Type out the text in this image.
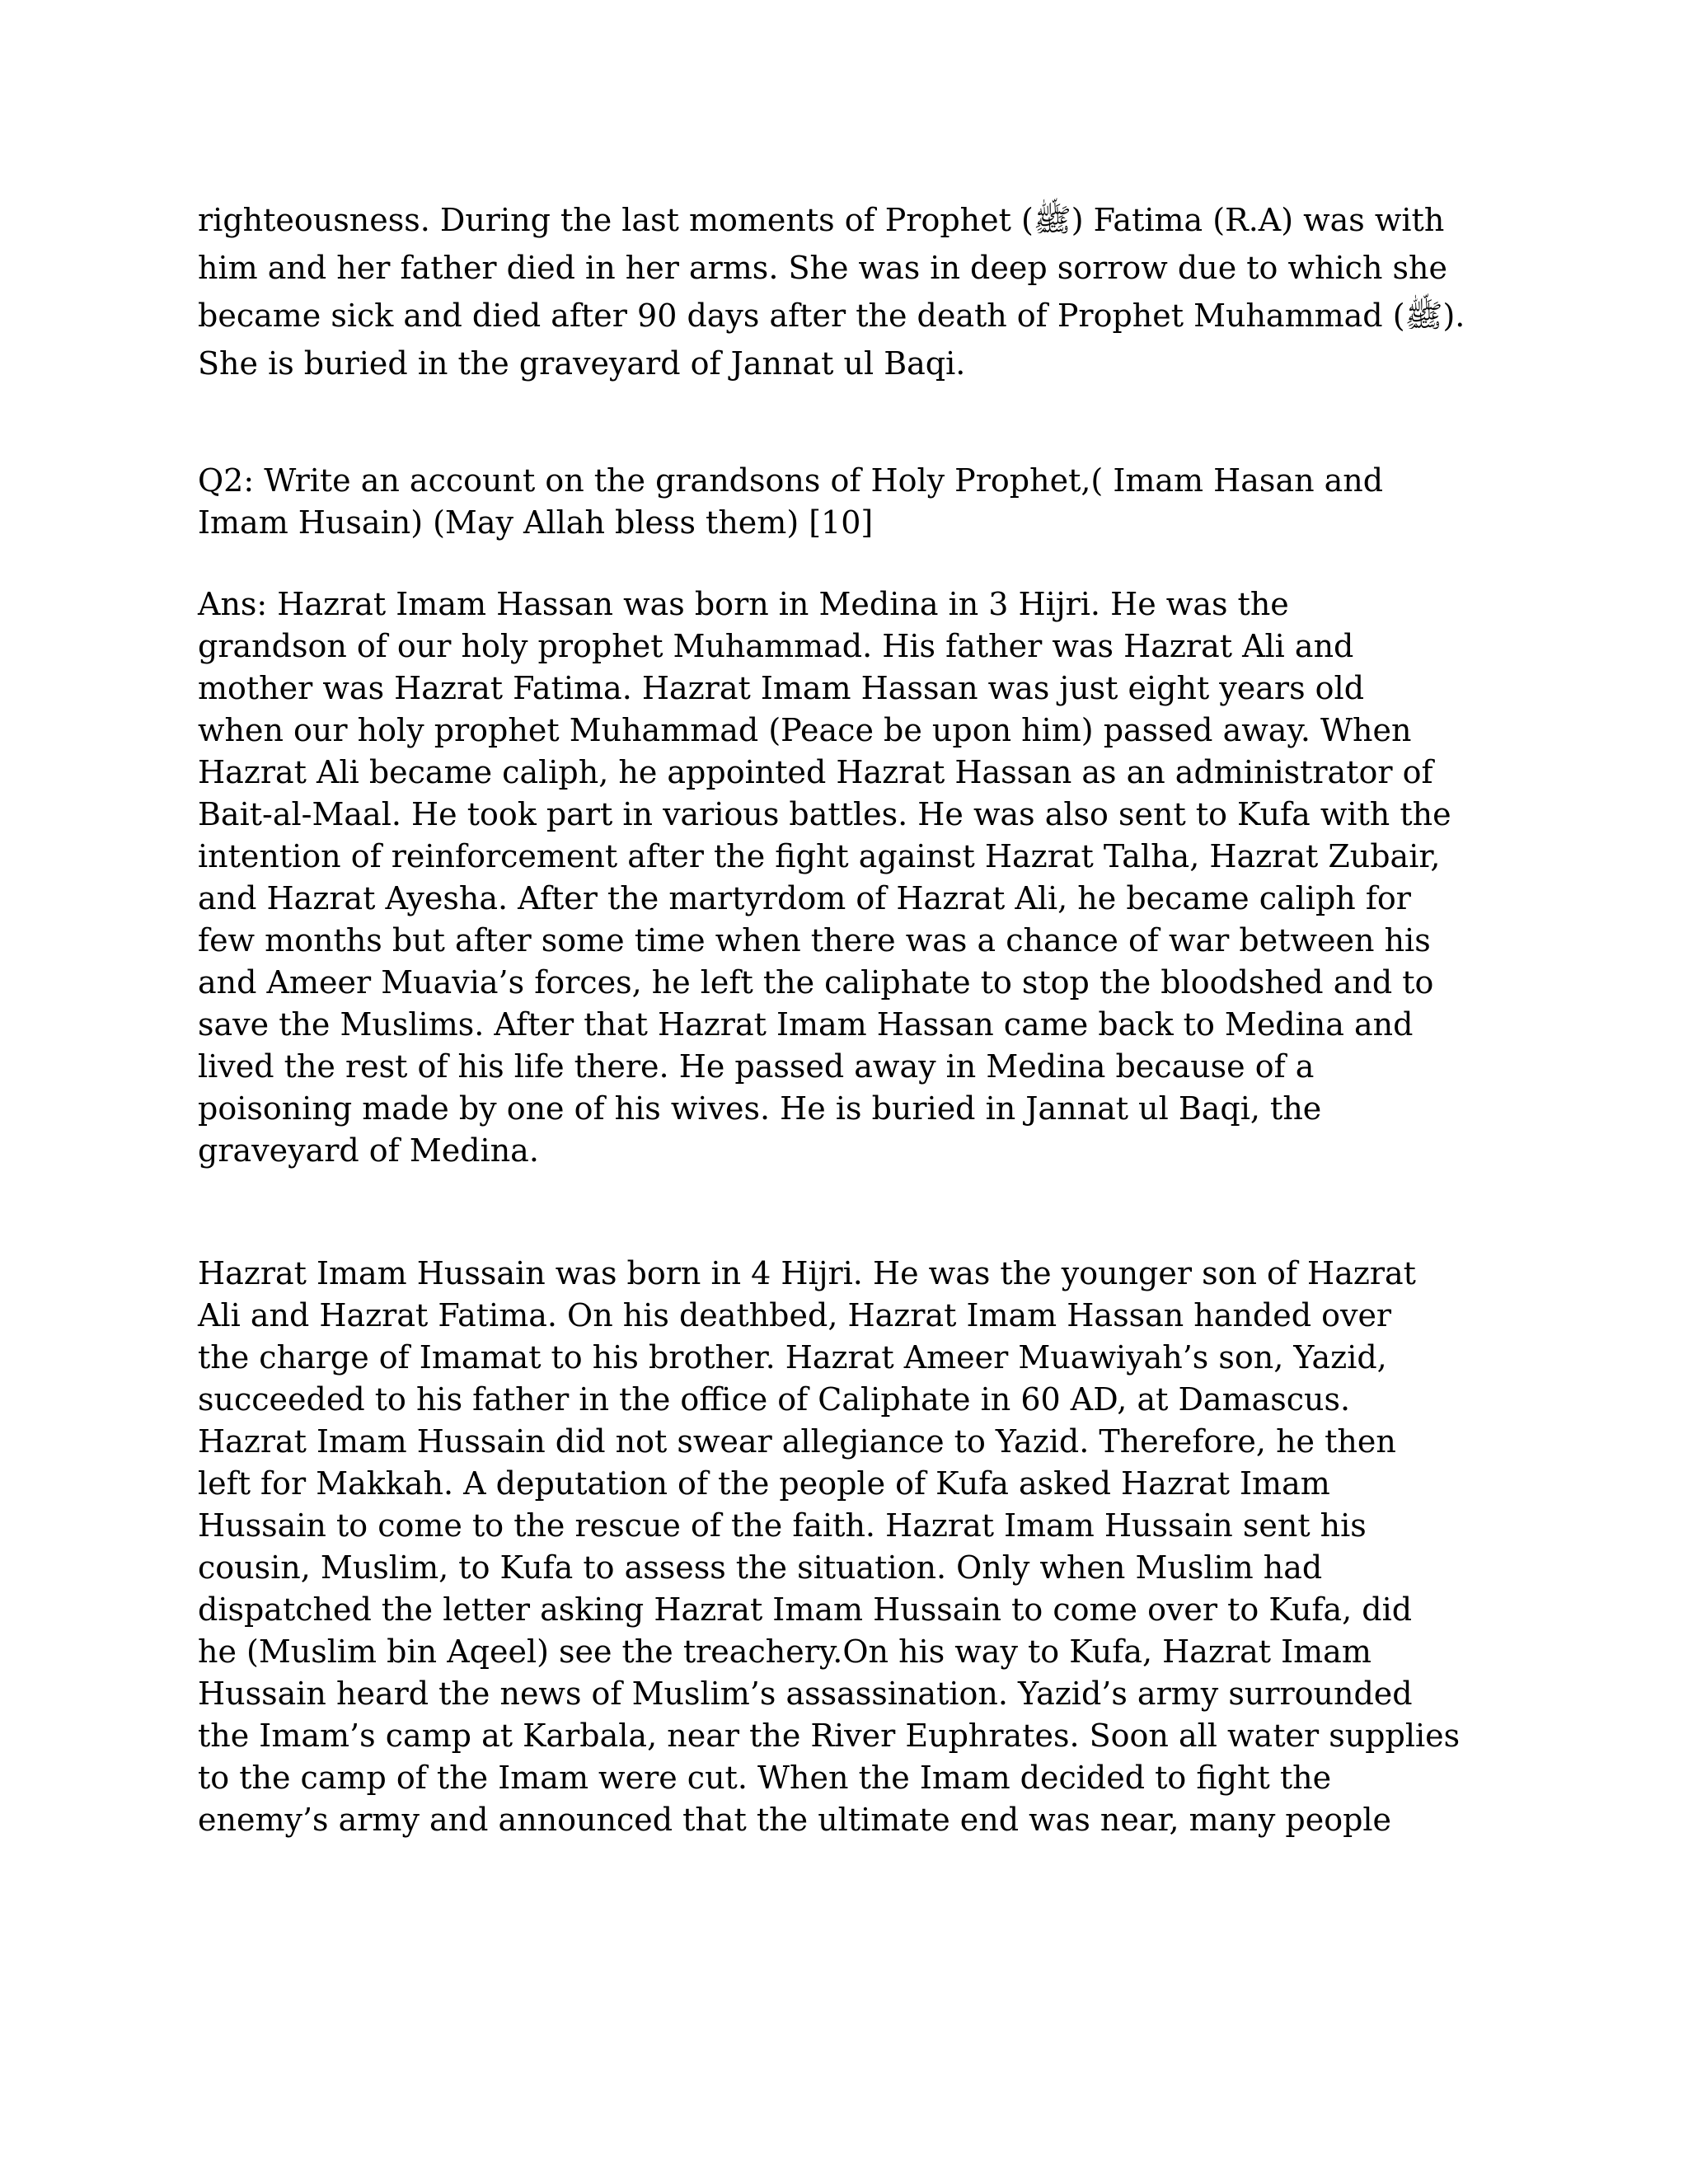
righteousness. During the last moments of Prophet (ﷺ) Fatima (R.A) was with
him and her father died in her arms. She was in deep sorrow due to which she
became sick and died after 90 days after the death of Prophet Muhammad (ﷺ).
She is buried in the graveyard of Jannat ul Baqi.
Q2: Write an account on the grandsons of Holy Prophet,( Imam Hasan and
Imam Husain) (May Allah bless them) [10]
Ans: Hazrat Imam Hassan was born in Medina in 3 Hijri. He was the
grandson of our holy prophet Muhammad. His father was Hazrat Ali and
mother was Hazrat Fatima. Hazrat Imam Hassan was just eight years old
when our holy prophet Muhammad (Peace be upon him) passed away. When
Hazrat Ali became caliph, he appointed Hazrat Hassan as an administrator of
Bait-al-Maal. He took part in various battles. He was also sent to Kufa with the
intention of reinforcement after the fight against Hazrat Talha, Hazrat Zubair,
and Hazrat Ayesha. After the martyrdom of Hazrat Ali, he became caliph for
few months but after some time when there was a chance of war between his
and Ameer Muavia’s forces, he left the caliphate to stop the bloodshed and to
save the Muslims. After that Hazrat Imam Hassan came back to Medina and
lived the rest of his life there. He passed away in Medina because of a
poisoning made by one of his wives. He is buried in Jannat ul Baqi, the
graveyard of Medina.
Hazrat Imam Hussain was born in 4 Hijri. He was the younger son of Hazrat
Ali and Hazrat Fatima. On his deathbed, Hazrat Imam Hassan handed over
the charge of Imamat to his brother. Hazrat Ameer Muawiyah’s son, Yazid,
succeeded to his father in the office of Caliphate in 60 AD, at Damascus.
Hazrat Imam Hussain did not swear allegiance to Yazid. Therefore, he then
left for Makkah. A deputation of the people of Kufa asked Hazrat Imam
Hussain to come to the rescue of the faith. Hazrat Imam Hussain sent his
cousin, Muslim, to Kufa to assess the situation. Only when Muslim had
dispatched the letter asking Hazrat Imam Hussain to come over to Kufa, did
he (Muslim bin Aqeel) see the treachery.On his way to Kufa, Hazrat Imam
Hussain heard the news of Muslim’s assassination. Yazid’s army surrounded
the Imam’s camp at Karbala, near the River Euphrates. Soon all water supplies
to the camp of the Imam were cut. When the Imam decided to fight the
enemy’s army and announced that the ultimate end was near, many people
